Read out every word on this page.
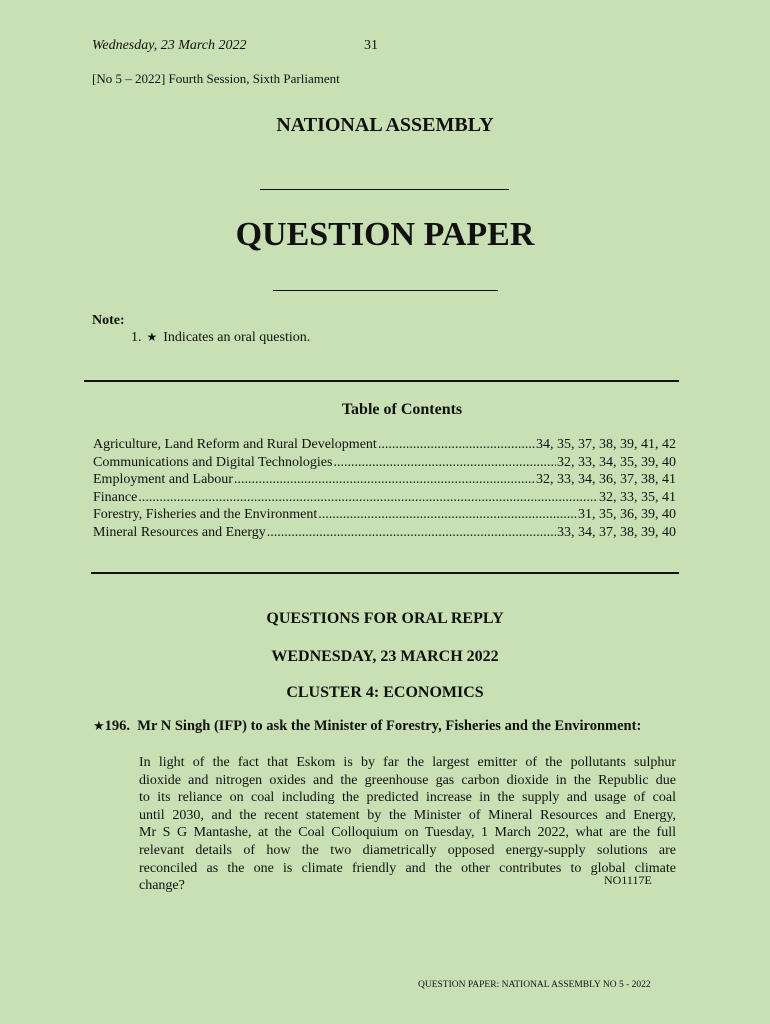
Wednesday, 23 March 2022	31
[No 5 – 2022] Fourth Session, Sixth Parliament
NATIONAL ASSEMBLY
QUESTION PAPER
Note:
1. ★ Indicates an oral question.
Table of Contents
Agriculture, Land Reform and Rural Development .....	34, 35, 37, 38, 39, 41, 42
Communications and Digital Technologies .....	32, 33, 34, 35, 39, 40
Employment and Labour .....	32, 33, 34, 36, 37, 38, 41
Finance .....	32, 33, 35, 41
Forestry, Fisheries and the Environment .....	31, 35, 36, 39, 40
Mineral Resources and Energy .....	33, 34, 37, 38, 39, 40
QUESTIONS FOR ORAL REPLY
WEDNESDAY, 23 MARCH 2022
CLUSTER 4: ECONOMICS
★196. Mr N Singh (IFP) to ask the Minister of Forestry, Fisheries and the Environment:
In light of the fact that Eskom is by far the largest emitter of the pollutants sulphur
dioxide and nitrogen oxides and the greenhouse gas carbon dioxide in the Republic due
to its reliance on coal including the predicted increase in the supply and usage of coal
until 2030, and the recent statement by the Minister of Mineral Resources and Energy,
Mr S G Mantashe, at the Coal Colloquium on Tuesday, 1 March 2022, what are the full
relevant details of how the two diametrically opposed energy-supply solutions are
reconciled as the one is climate friendly and the other contributes to global climate
change?	NO1117E
QUESTION PAPER: NATIONAL ASSEMBLY NO 5 - 2022
